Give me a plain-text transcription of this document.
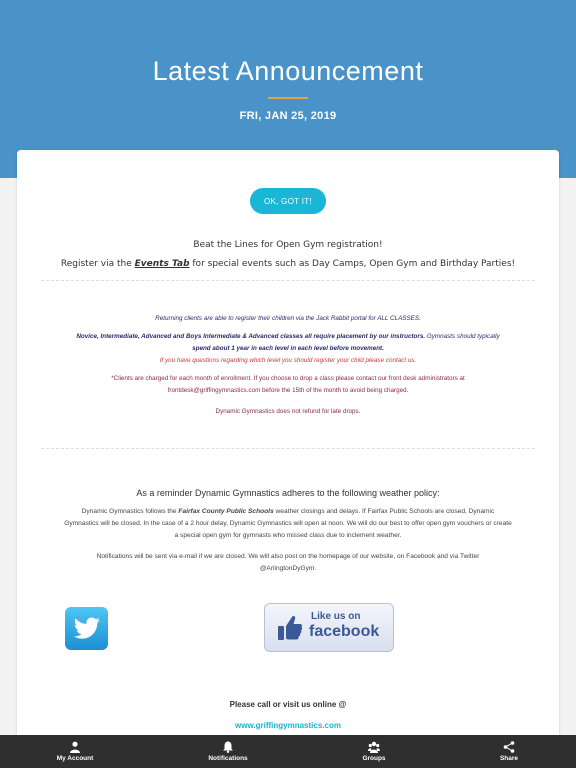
Latest Announcement
FRI, JAN 25, 2019
OK, GOT IT!
Beat the Lines for Open Gym registration!
Register via the Events Tab for special events such as Day Camps, Open Gym and Birthday Parties!
Returning clients are able to register their children via the Jack Rabbit portal for ALL CLASSES.
Novice, Intermediate, Advanced and Boys Intermediate & Advanced classes all require placement by our instructors. Gymnasts should typically
spend about 1 year in each level in each level before movement.
If you have questions regarding which level you should register your child please contact us.
*Clients are charged for each month of enrollment. If you choose to drop a class please contact our front desk administrators at
frontdesk@griffingymnastics.com before the 15th of the month to avoid being charged.
Dynamic Gymnastics does not refund for late drops.
As a reminder Dynamic Gymnastics adheres to the following weather policy:
Dynamic Gymnastics follows the Fairfax County Public Schools weather closings and delays. If Fairfax Public Schools are closed, Dynamic
Gymnastics will be closed. In the case of a 2 hour delay, Dynamic Gymnastics will open at noon. We will do our best to offer open gym vouchers or create
a special open gym for gymnasts who missed class due to inclement weather.
Notifications will be sent via e-mail if we are closed. We will also post on the homepage of our website, on Facebook and via Twitter
@ArlingtonDyGym.
Like us on
facebook
Please call or visit us online @
www.griffingymnastics.com
My Account	Notifications	Groups	Share
